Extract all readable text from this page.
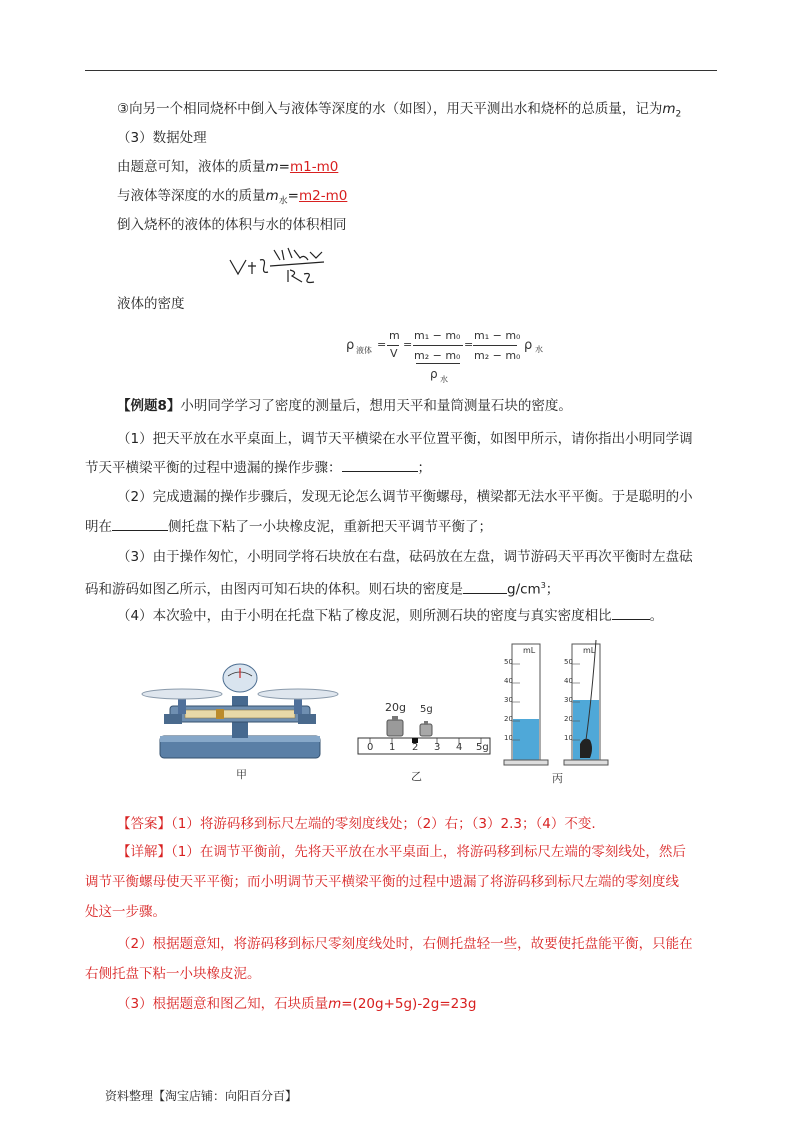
③向另一个相同烧杯中倒入与液体等深度的水（如图），用天平测出水和烧杯的总质量，记为$m_2$
（3）数据处理
由题意可知，液体的质量m=m1-m0
与液体等深度的水的质量$m_水=m2-m0$
倒入烧杯的液体的体积与水的体积相同
液体的密度
ρ 液体 =
m
V
=
m₁ − m₀
m₂ − m₀
ρ 水
=
m₁ − m₀
m₂ − m₀
ρ 水
【例题8】小明同学学习了密度的测量后，想用天平和量筒测量石块的密度。
（1）把天平放在水平桌面上，调节天平横梁在水平位置平衡，如图甲所示，请你指出小明同学调
节天平横梁平衡的过程中遗漏的操作步骤：	；
（2）完成遗漏的操作步骤后，发现无论怎么调节平衡螺母，横梁都无法水平平衡。于是聪明的小
明在	侧托盘下粘了一小块橡皮泥，重新把天平调节平衡了；
（3）由于操作匆忙，小明同学将石块放在右盘，砝码放在左盘，调节游码天平再次平衡时左盘砝
码和游码如图乙所示，由图丙可知石块的体积。则石块的密度是	$g/cm^3$；
（4）本次验中，由于小明在托盘下粘了橡皮泥，则所测石块的密度与真实密度相比	。
甲
20g 5g
0 1 2 3 4 5g
乙
mL	mL
50
40
30
20
10
50
40
30
20
10
丙
【答案】（1）将游码移到标尺左端的零刻度线处；（2）右；（3）2.3；（4）不变.
【详解】（1）在调节平衡前，先将天平放在水平桌面上，将游码移到标尺左端的零刻线处，然后
调节平衡螺母使天平平衡；而小明调节天平横梁平衡的过程中遗漏了将游码移到标尺左端的零刻度线
处这一步骤。
（2）根据题意知，将游码移到标尺零刻度线处时，右侧托盘轻一些，故要使托盘能平衡，只能在
右侧托盘下粘一小块橡皮泥。
（3）根据题意和图乙知，石块质量m=(20g+5g)-2g=23g
资料整理【淘宝店铺：向阳百分百】
